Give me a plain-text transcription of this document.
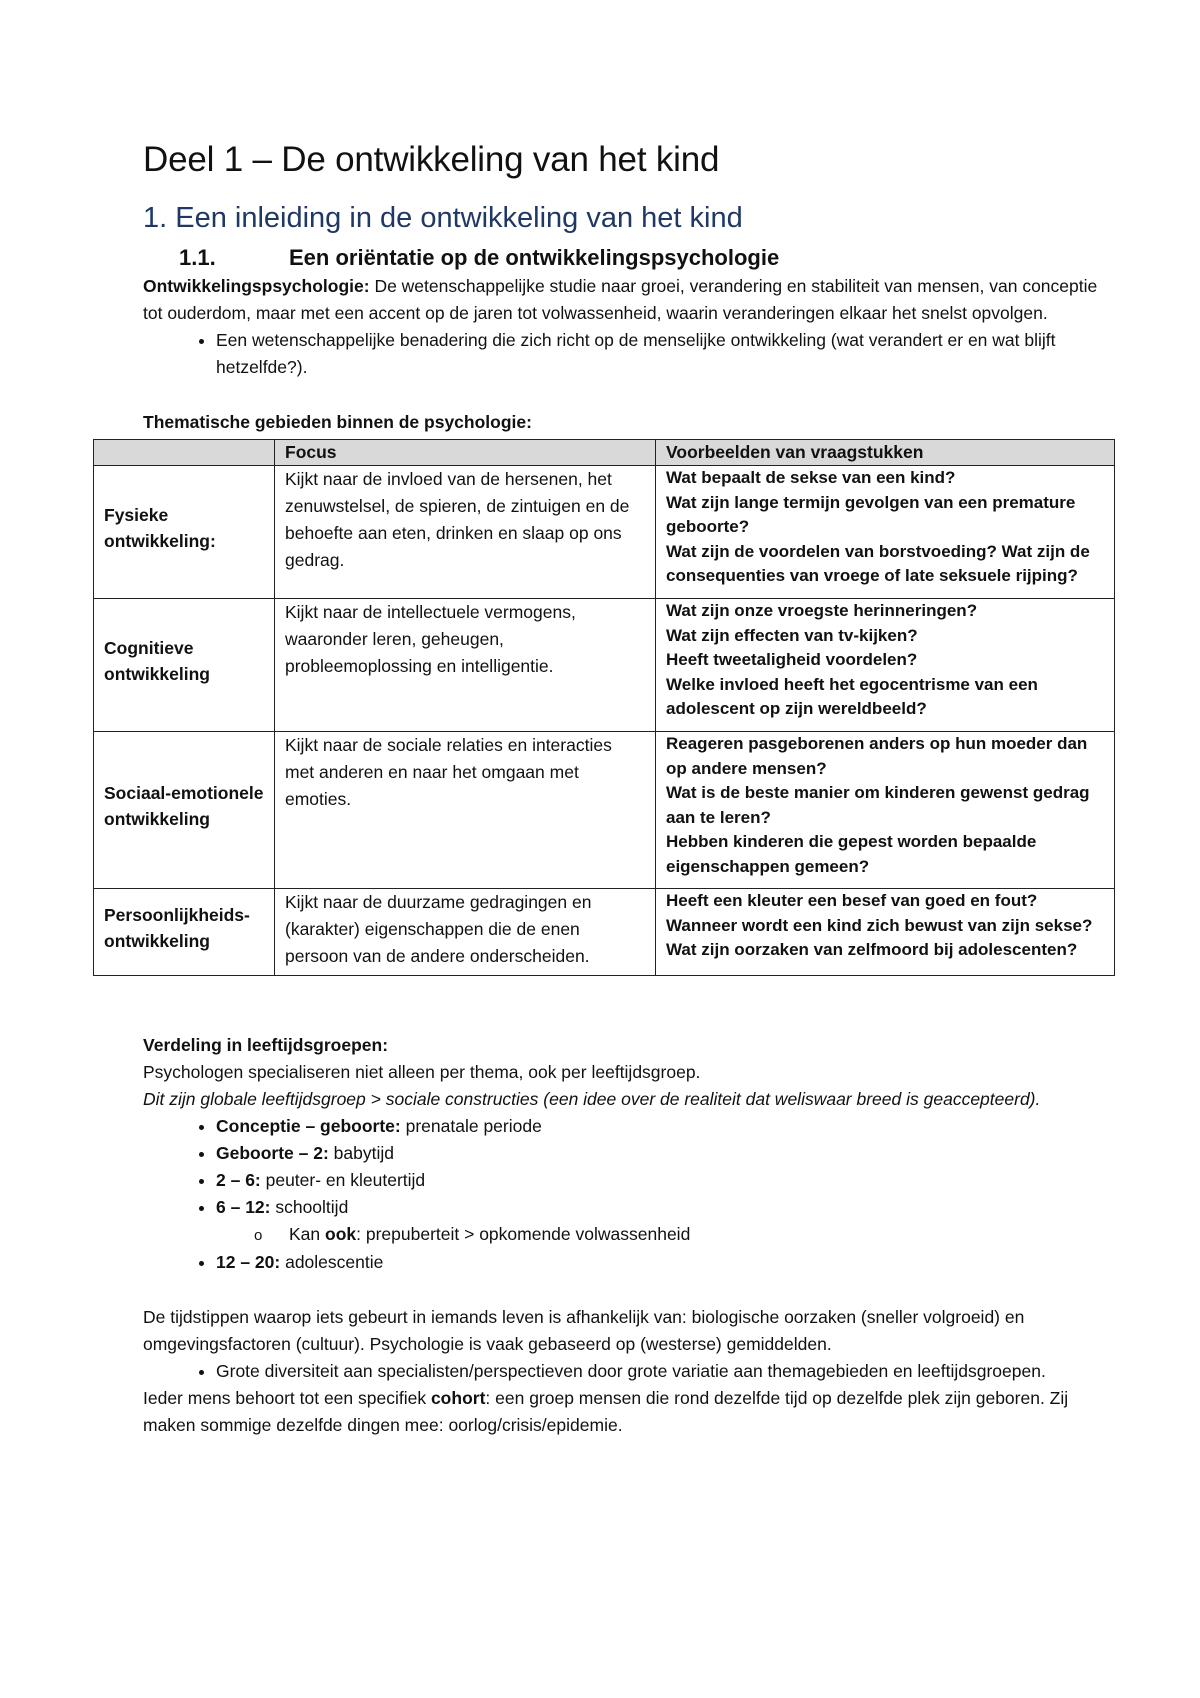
Deel 1 – De ontwikkeling van het kind
1. Een inleiding in de ontwikkeling van het kind
1.1.	Een oriëntatie op de ontwikkelingspsychologie

Ontwikkelingspsychologie: De wetenschappelijke studie naar groei, verandering en stabiliteit van mensen, van conceptie tot ouderdom, maar met een accent op de jaren tot volwassenheid, waarin veranderingen elkaar het snelst opvolgen.

• Een wetenschappelijke benadering die zich richt op de menselijke ontwikkeling (wat verandert er en wat blijft hetzelfde?).

Thematische gebieden binnen de psychologie:

	Focus	Voorbeelden van vraagstukken
Fysieke ontwikkeling:	Kijkt naar de invloed van de hersenen, het zenuwstelsel, de spieren, de zintuigen en de behoefte aan eten, drinken en slaap op ons gedrag.	Wat bepaalt de sekse van een kind?
Wat zijn lange termijn gevolgen van een premature geboorte?
Wat zijn de voordelen van borstvoeding? Wat zijn de consequenties van vroege of late seksuele rijping?

Cognitieve ontwikkeling	Kijkt naar de intellectuele vermogens, waaronder leren, geheugen, probleemoplossing en intelligentie.	Wat zijn onze vroegste herinneringen?
Wat zijn effecten van tv-kijken?
Heeft tweetaligheid voordelen?
Welke invloed heeft het egocentrisme van een adolescent op zijn wereldbeeld?

Sociaal-emotionele ontwikkeling	Kijkt naar de sociale relaties en interacties met anderen en naar het omgaan met emoties.	Reageren pasgeborenen anders op hun moeder dan op andere mensen?
Wat is de beste manier om kinderen gewenst gedrag aan te leren?
Hebben kinderen die gepest worden bepaalde eigenschappen gemeen?

Persoonlijkheids-ontwikkeling	Kijkt naar de duurzame gedragingen en (karakter) eigenschappen die de enen persoon van de andere onderscheiden.	Heeft een kleuter een besef van goed en fout?
Wanneer wordt een kind zich bewust van zijn sekse?
Wat zijn oorzaken van zelfmoord bij adolescenten?

Verdeling in leeftijdsgroepen:

Psychologen specialiseren niet alleen per thema, ook per leeftijdsgroep.

Dit zijn globale leeftijdsgroep > sociale constructies (een idee over de realiteit dat weliswaar breed is geaccepteerd).

• Conceptie – geboorte: prenatale periode
• Geboorte – 2: babytijd
• 2 – 6: peuter- en kleutertijd
• 6 – 12: schooltijd
o Kan ook: prepuberteit > opkomende volwassenheid
• 12 – 20: adolescentie

De tijdstippen waarop iets gebeurt in iemands leven is afhankelijk van: biologische oorzaken (sneller volgroeid) en omgevingsfactoren (cultuur). Psychologie is vaak gebaseerd op (westerse) gemiddelden.

• Grote diversiteit aan specialisten/perspectieven door grote variatie aan themagebieden en leeftijdsgroepen.

Ieder mens behoort tot een specifiek cohort: een groep mensen die rond dezelfde tijd op dezelfde plek zijn geboren. Zij maken sommige dezelfde dingen mee: oorlog/crisis/epidemie.
